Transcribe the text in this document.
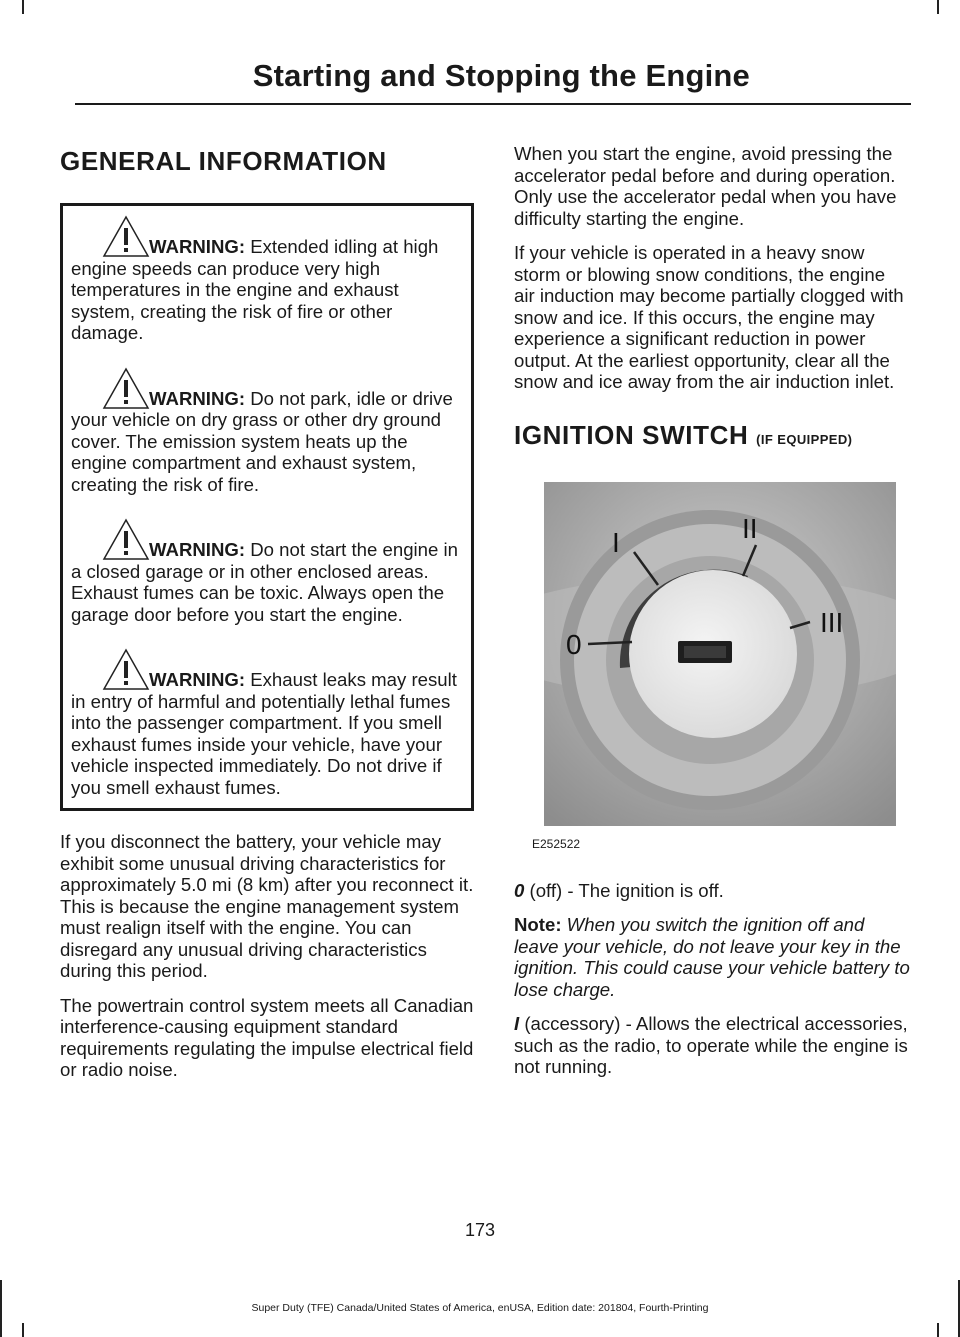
Starting and Stopping the Engine
GENERAL INFORMATION

WARNING: Extended idling at high engine speeds can produce very high temperatures in the engine and exhaust system, creating the risk of fire or other damage.

WARNING: Do not park, idle or drive your vehicle on dry grass or other dry ground cover. The emission system heats up the engine compartment and exhaust system, creating the risk of fire.

WARNING: Do not start the engine in a closed garage or in other enclosed areas. Exhaust fumes can be toxic. Always open the garage door before you start the engine.

WARNING: Exhaust leaks may result in entry of harmful and potentially lethal fumes into the passenger compartment. If you smell exhaust fumes inside your vehicle, have your vehicle inspected immediately. Do not drive if you smell exhaust fumes.

If you disconnect the battery, your vehicle may exhibit some unusual driving characteristics for approximately 5.0 mi (8 km) after you reconnect it. This is because the engine management system must realign itself with the engine. You can disregard any unusual driving characteristics during this period.

The powertrain control system meets all Canadian interference-causing equipment standard requirements regulating the impulse electrical field or radio noise.

When you start the engine, avoid pressing the accelerator pedal before and during operation. Only use the accelerator pedal when you have difficulty starting the engine.

If your vehicle is operated in a heavy snow storm or blowing snow conditions, the engine air induction may become partially clogged with snow and ice. If this occurs, the engine may experience a significant reduction in power output. At the earliest opportunity, clear all the snow and ice away from the air induction inlet.

IGNITION SWITCH (IF EQUIPPED)
0
I	II
III
E252522

0 (off) - The ignition is off.

Note: When you switch the ignition off and leave your vehicle, do not leave your key in the ignition. This could cause your vehicle battery to lose charge.

I (accessory) - Allows the electrical accessories, such as the radio, to operate while the engine is not running.

173
Super Duty (TFE) Canada/United States of America, enUSA, Edition date: 201804, Fourth-Printing
